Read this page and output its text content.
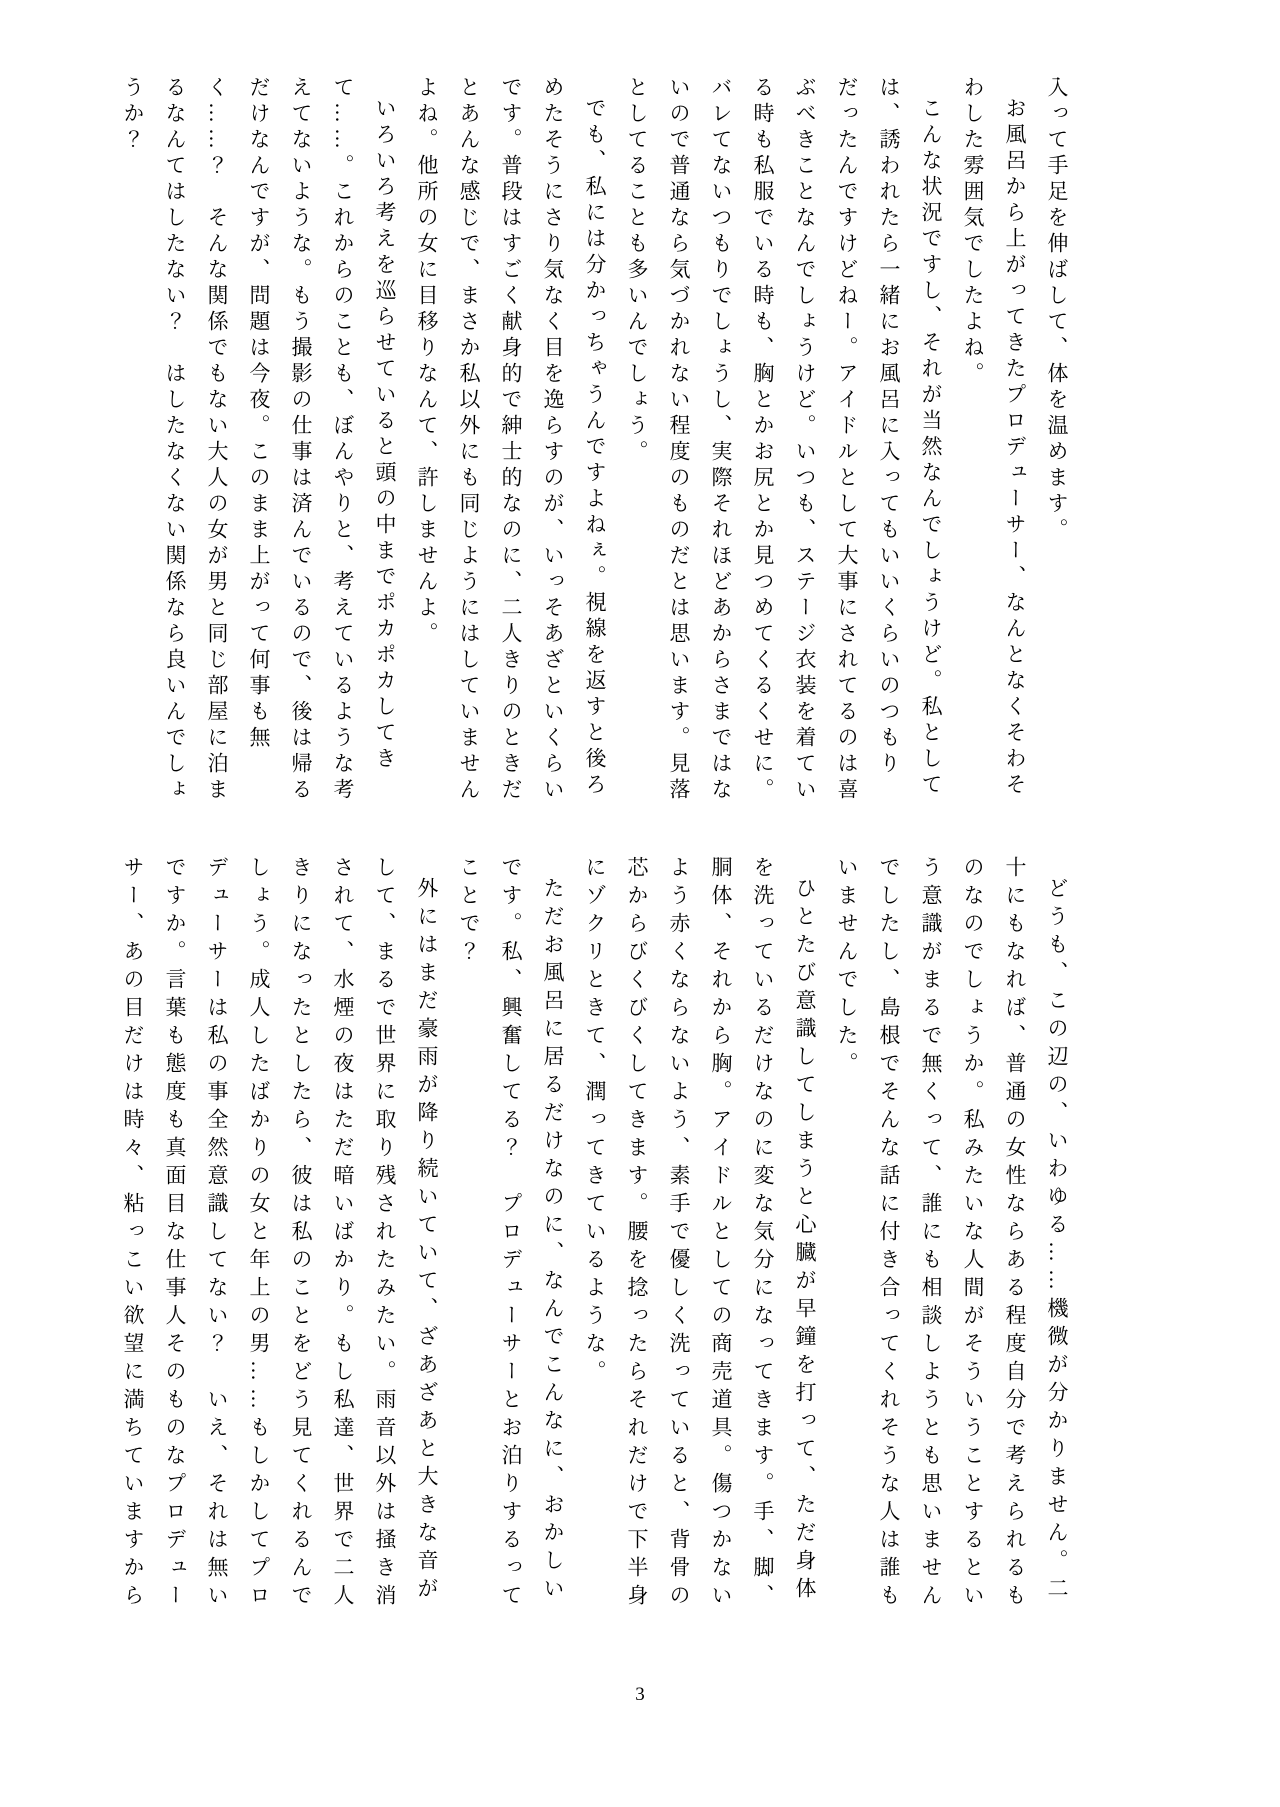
入って手足を伸ばして、体を温めます。

お風呂から上がってきたプロデューサー、なんとなくそわそわした雰囲気でしたよね。

こんな状況ですし、それが当然なんでしょうけど。私としては、誘われたら一緒にお風呂に入ってもいいくらいのつもりだったんですけどねー。アイドルとして大事にされてるのは喜ぶべきことなんでしょうけど。いつも、ステージ衣装を着ている時も私服でいる時も、胸とかお尻とか見つめてくるくせに。バレてないつもりでしょうし、実際それほどあからさまではないので普通なら気づかれない程度のものだとは思います。見落としてることも多いんでしょう。

でも、私には分かっちゃうんですよねぇ。視線を返すと後ろめたそうにさり気なく目を逸らすのが、いっそあざといくらいです。普段はすごく献身的で紳士的なのに、二人きりのときだとあんな感じで、まさか私以外にも同じようにはしていませんよね。他所の女に目移りなんて、許しませんよ。

いろいろ考えを巡らせていると頭の中までポカポカしてきて……。これからのことも、ぼんやりと、考えているような考えてないような。もう撮影の仕事は済んでいるので、後は帰るだけなんですが、問題は今夜。このまま上がって何事も無く……？　そんな関係でもない大人の女が男と同じ部屋に泊まるなんてはしたない？　はしたなくない関係なら良いんでしょうか？

どうも、この辺の、いわゆる……機微が分かりません。二十にもなれば、普通の女性ならある程度自分で考えられるものなのでしょうか。私みたいな人間がそういうことするという意識がまるで無くって、誰にも相談しようとも思いませんでしたし、島根でそんな話に付き合ってくれそうな人は誰もいませんでした。

ひとたび意識してしまうと心臓が早鐘を打って、ただ身体を洗っているだけなのに変な気分になってきます。手、脚、胴体、それから胸。アイドルとしての商売道具。傷つかないよう赤くならないよう、素手で優しく洗っていると、背骨の芯からびくびくしてきます。腰を捻ったらそれだけで下半身にゾクリときて、潤ってきているような。

ただお風呂に居るだけなのに、なんでこんなに、おかしいです。私、興奮してる？　プロデューサーとお泊りするってことで？

外にはまだ豪雨が降り続いていて、ざあざあと大きな音がして、まるで世界に取り残されたみたい。雨音以外は掻き消されて、水煙の夜はただ暗いばかり。もし私達、世界で二人きりになったとしたら、彼は私のことをどう見てくれるんでしょう。成人したばかりの女と年上の男……もしかしてプロデューサーは私の事全然意識してない？　いえ、それは無いですか。言葉も態度も真面目な仕事人そのものなプロデューサー、あの目だけは時々、粘っこい欲望に満ちていますから

3
